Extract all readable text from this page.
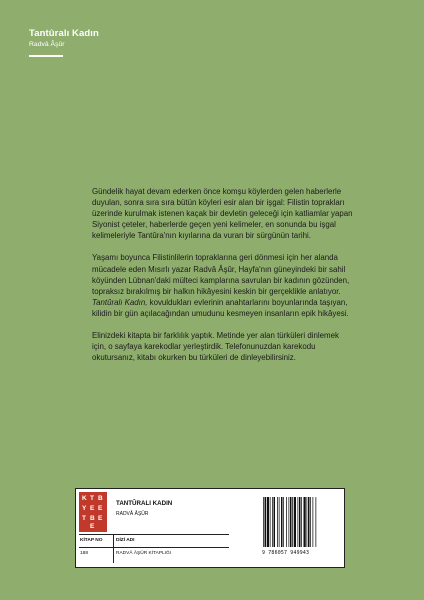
Tantûralı Kadın
Radvâ Âşûr

Gündelik hayat devam ederken önce komşu köylerden gelen haberlerle duyulan, sonra sıra sıra bütün köyleri esir alan bir işgal: Filistin toprakları üzerinde kurulmak istenen kaçak bir devletin geleceği için katliamlar yapan Siyonist çeteler, haberlerde geçen yeni kelimeler, en sonunda bu işgal kelimeleriyle Tantûra'nın kıyılarına da vuran bir sürgünün tarihi.

Yaşamı boyunca Filistinlilerin topraklarına geri dönmesi için her alanda mücadele eden Mısırlı yazar Radvâ Âşûr, Hayfa'nın güneyindeki bir sahil köyünden Lübnan'daki mülteci kamplarına savrulan bir kadının gözünden, topraksız bırakılmış bir halkın hikâyesini keskin bir gerçeklikle anlatıyor. Tantûralı Kadın, kovuldukları evlerinin anahtarlarını boyunlarında taşıyan, kilidin bir gün açılacağından umudunu kesmeyen insanların epik hikâyesi.

Elinizdeki kitapta bir farklılık yaptık. Metinde yer alan türküleri dinlemek için, o sayfaya karekodlar yerleştirdik. Telefonunuzdan karekodu okutursanız, kitabı okurken bu türküleri de dinleyebilirsiniz.

K T B
Y E E
T B E
E
TANTÛRALI KADIN
RADVÂ ÂŞÛR
KİTAP NO	DİZİ ADI
188	RADVÂ ÂŞÛR KİTAPLIĞI	9 786057 949943
